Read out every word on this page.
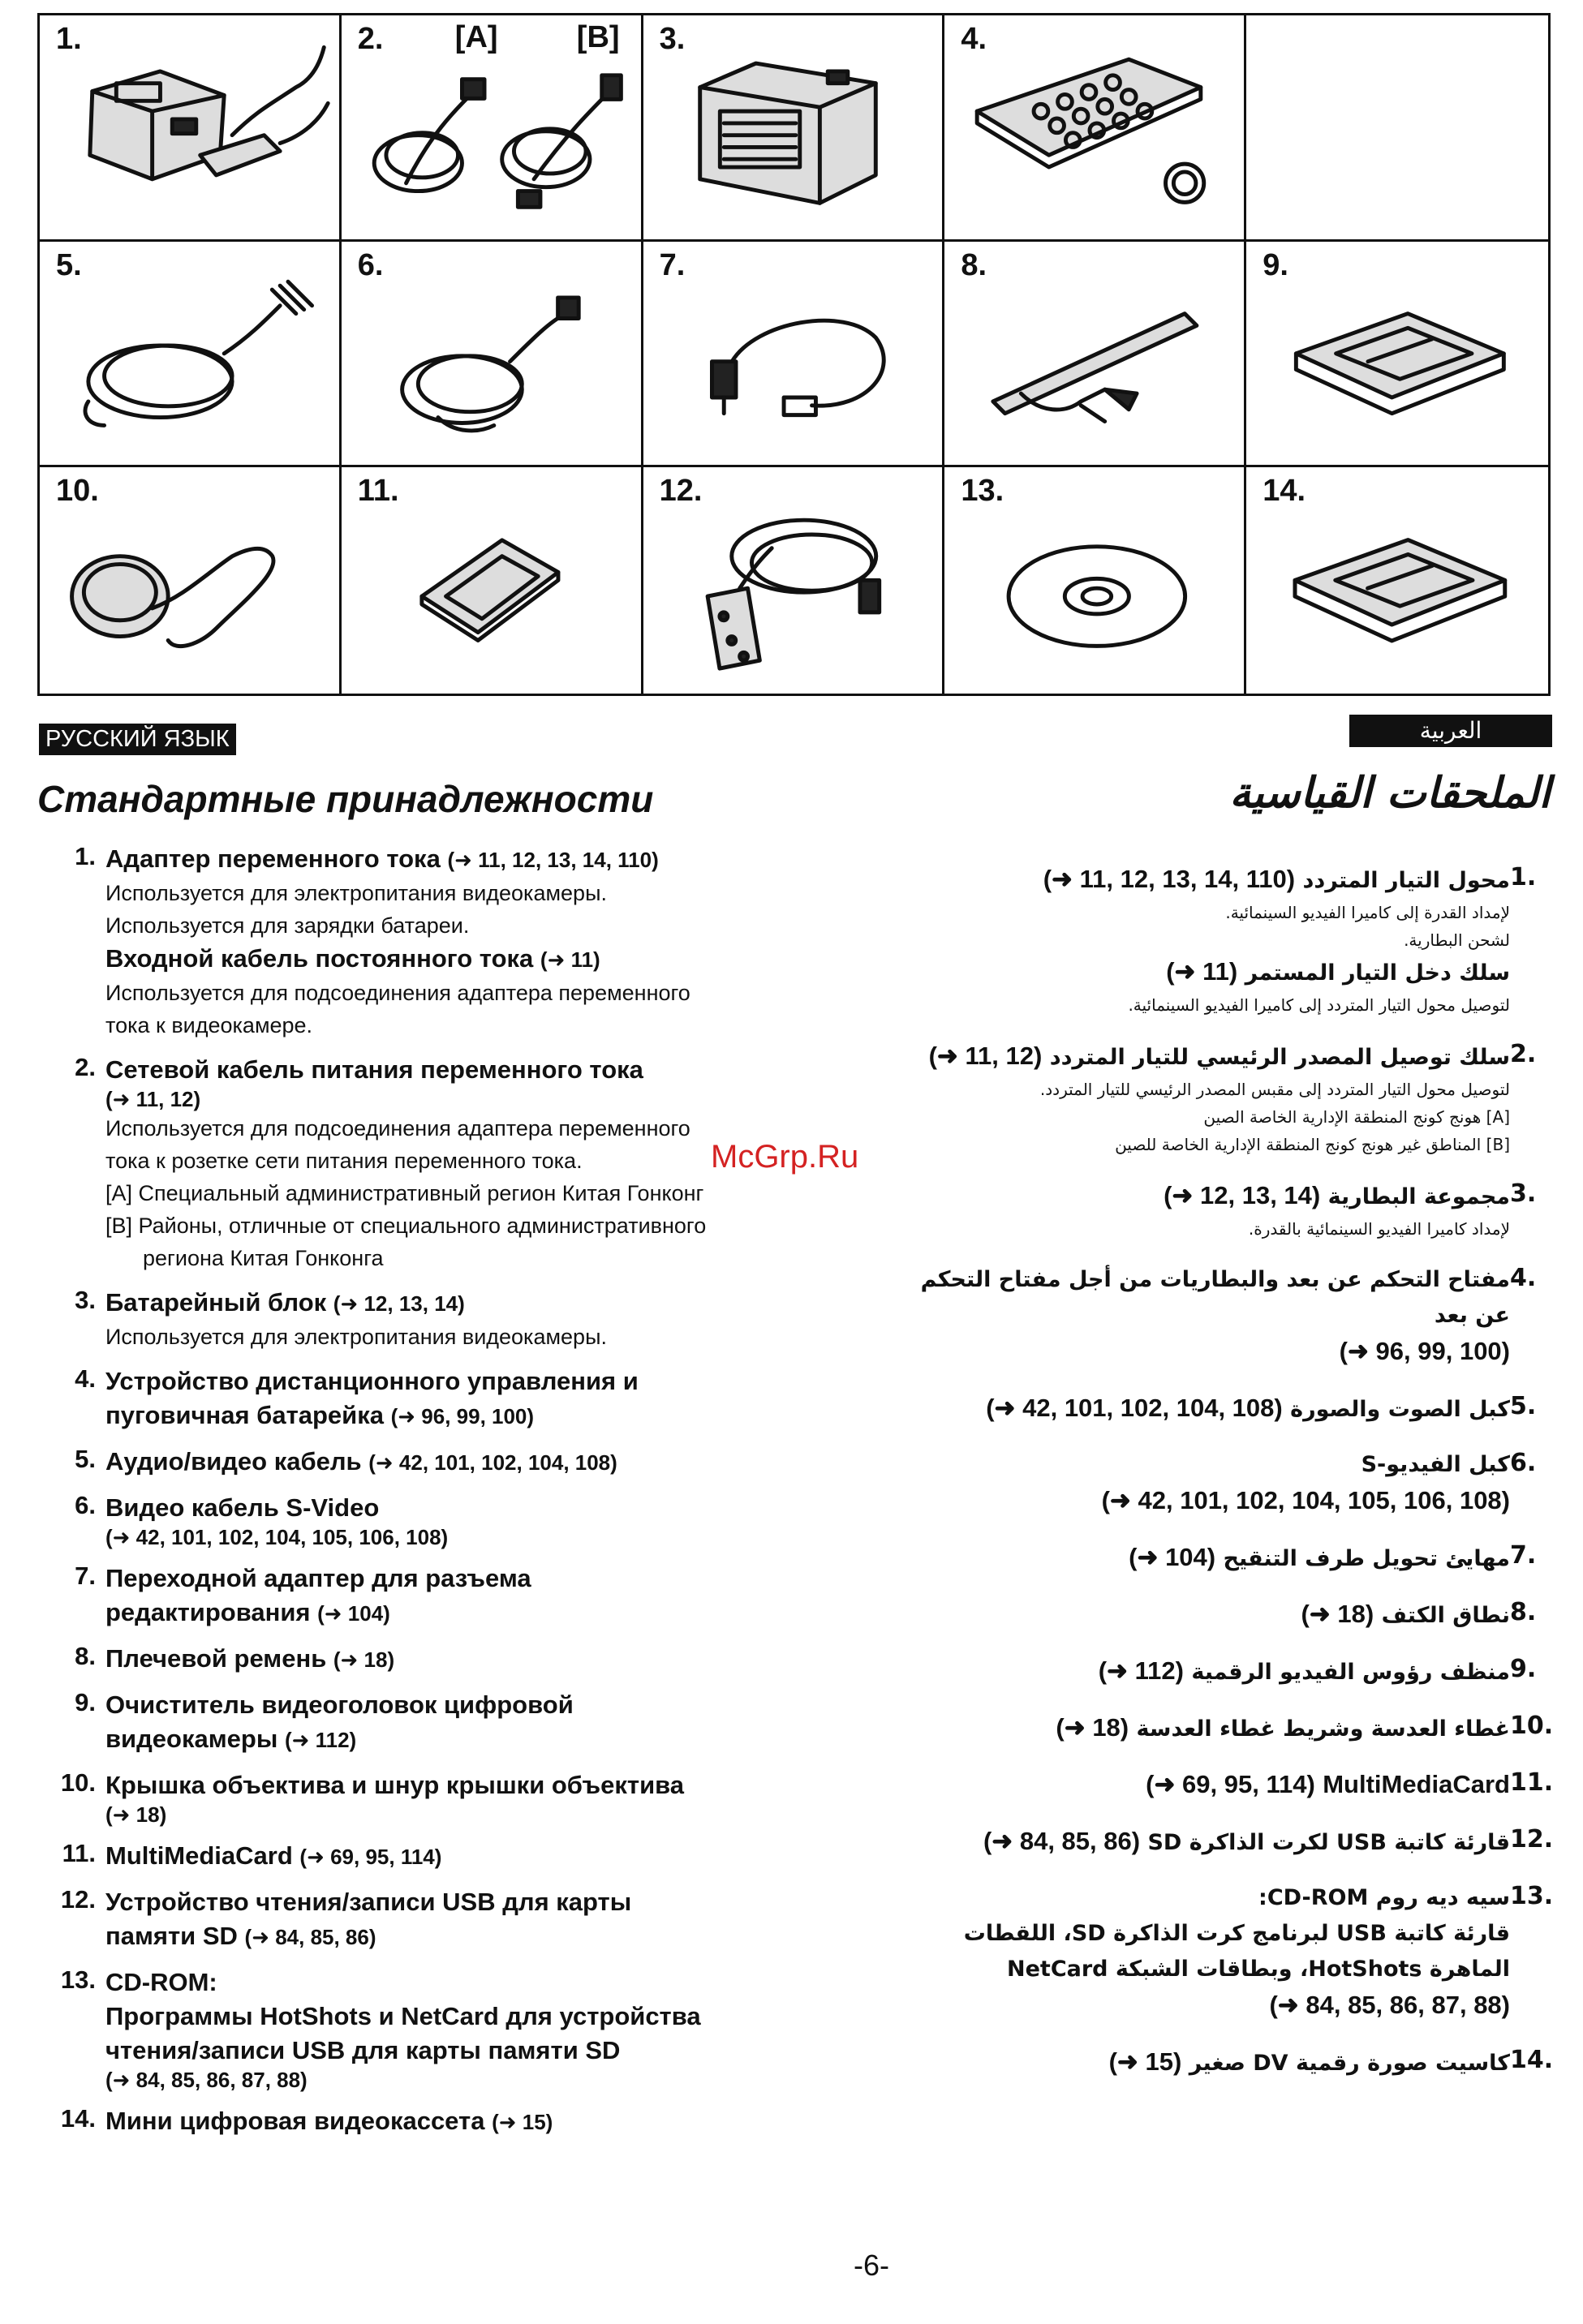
1.	2. [A]	[B] 3.	4.
5.	6.	7.	8.	9.
10.	11.	12.	13.	14.
РУССКИЙ ЯЗЫК	العربية
Стандартные принадлежности	الملحقات القياسية
1. Адаптер переменного тока (➜ 11, 12, 13, 14, 110)
Используется для электропитания видеокамеры.
Используется для зарядки батареи.
Входной кабель постоянного тока (➜ 11)
Используется для подсоединения адаптера переменного
тока к видеокамере.
2. Сетевой кабель питания переменного тока
(➜ 11, 12)
Используется для подсоединения адаптера переменного
тока к розетке сети питания переменного тока.
[A] Специальный административный регион Китая Гонконг
[B] Районы, отличные от специального административного
региона Китая Гонконга
3. Батарейный блок (➜ 12, 13, 14)
Используется для электропитания видеокамеры.
4. Устройство дистанционного управления и
пуговичная батарейка (➜ 96, 99, 100)
5. Аудио/видео кабель (➜ 42, 101, 102, 104, 108)
6. Видео кабель S-Video
(➜ 42, 101, 102, 104, 105, 106, 108)
7. Переходной адаптер для разъема
редактирования (➜ 104)
8. Плечевой ремень (➜ 18)
9. Очиститель видеоголовок цифровой
видеокамеры (➜ 112)
10. Крышка объектива и шнур крышки объектива
(➜ 18)
11. MultiMediaCard (➜ 69, 95, 114)
12. Устройство чтения/записи USB для карты
памяти SD (➜ 84, 85, 86)
13. CD-ROM:
Программы HotShots и NetCard для устройства
чтения/записи USB для карты памяти SD
(➜ 84, 85, 86, 87, 88)
14. Мини цифровая видеокассета (➜ 15)
1.
محول التيار المتردد (➜ 11, 12, 13, 14, 110)
لإمداد القدرة إلى كاميرا الفيديو السينمائية.
لشحن البطارية.
سلك دخل التيار المستمر (➜ 11)
لتوصيل محول التيار المتردد إلى كاميرا الفيديو السينمائية.
2.
سلك توصيل المصدر الرئيسي للتيار المتردد (➜ 11, 12)
لتوصيل محول التيار المتردد إلى مقبس المصدر الرئيسي للتيار المتردد.
[A] هونج كونج المنطقة الإدارية الخاصة الصين
[B] المناطق غير هونج كونج المنطقة الإدارية الخاصة للصين
3.
مجموعة البطارية (➜ 12, 13, 14)
لإمداد كاميرا الفيديو السينمائية بالقدرة.
4.
مفتاح التحكم عن بعد والبطاريات من أجل مفتاح التحكم عن بعد
(➜ 96, 99, 100)
5.
كبل الصوت والصورة (➜ 42, 101, 102, 104, 108)
6.
كبل الفيديو-S
(➜ 42, 101, 102, 104, 105, 106, 108)
7.
مهايئ تحويل طرف التنقيح (➜ 104)
8.
نطاق الكتف (➜ 18)
9.
منظف رؤوس الفيديو الرقمية (➜ 112)
10.
غطاء العدسة وشريط غطاء العدسة (➜ 18)
11.
MultiMediaCard (➜ 69, 95, 114)
12.
قارئة كاتبة USB لكرت الذاكرة SD (➜ 84, 85, 86)
13.
سيه ديه روم CD-ROM:
قارئة كاتبة USB لبرنامج كرت الذاكرة SD، اللقطات الماهرة HotShots، وبطاقات الشبكة NetCard
(➜ 84, 85, 86, 87, 88)
14.
كاسيت صورة رقمية DV صغير (➜ 15)
McGrp.Ru
-6-
